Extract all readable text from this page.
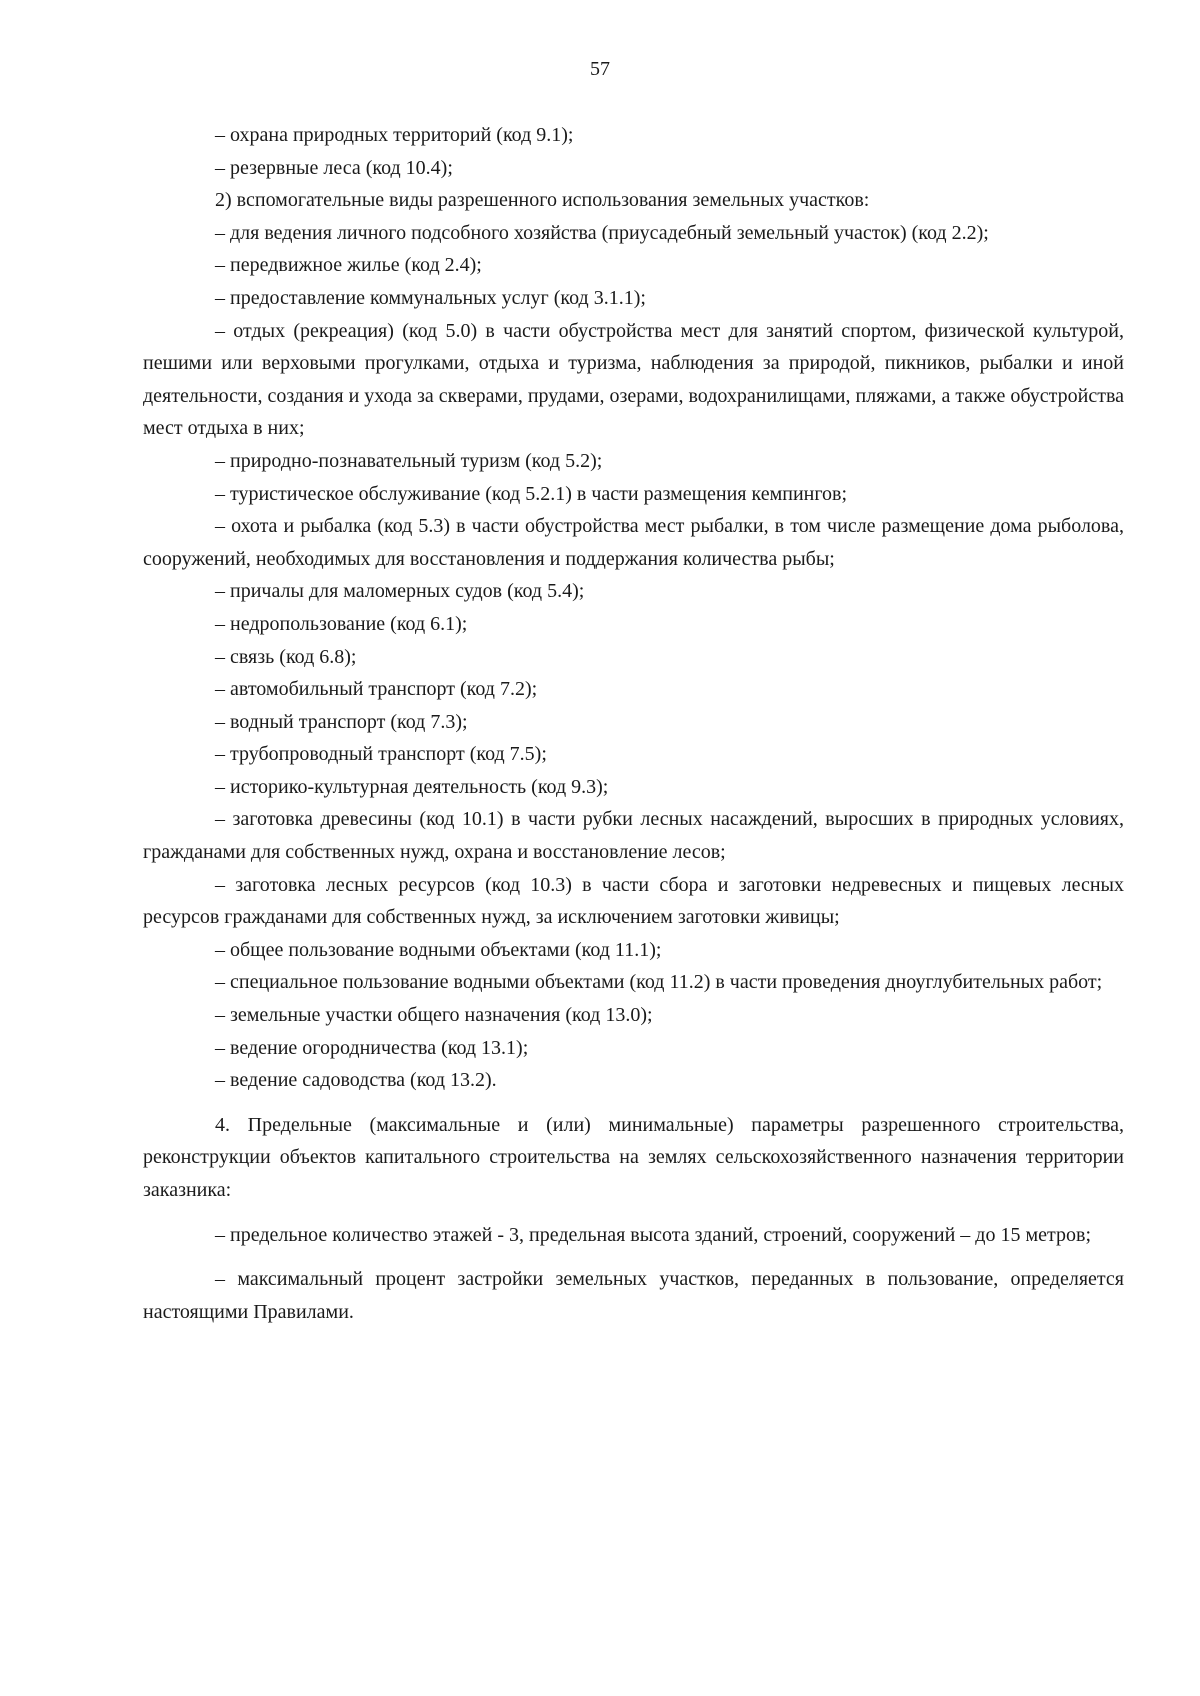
57

– охрана природных территорий (код 9.1);

– резервные леса (код 10.4);

2) вспомогательные виды разрешенного использования земельных участков:

– для ведения личного подсобного хозяйства (приусадебный земельный участок) (код 2.2);

– передвижное жилье (код 2.4);

– предоставление коммунальных услуг (код 3.1.1);

– отдых (рекреация) (код 5.0) в части обустройства мест для занятий спортом, физической культурой, пешими или верховыми прогулками, отдыха и туризма, наблюдения за природой, пикников, рыбалки и иной деятельности, создания и ухода за скверами, прудами, озерами, водохранилищами, пляжами, а также обустройства мест отдыха в них;

– природно-познавательный туризм (код 5.2);

– туристическое обслуживание (код 5.2.1) в части размещения кемпингов;

– охота и рыбалка (код 5.3) в части обустройства мест рыбалки, в том числе размещение дома рыболова, сооружений, необходимых для восстановления и поддержания количества рыбы;

– причалы для маломерных судов (код 5.4);

– недропользование (код 6.1);

– связь (код 6.8);

– автомобильный транспорт (код 7.2);

– водный транспорт (код 7.3);

– трубопроводный транспорт (код 7.5);

– историко-культурная деятельность (код 9.3);

– заготовка древесины (код 10.1) в части рубки лесных насаждений, выросших в природных условиях, гражданами для собственных нужд, охрана и восстановление лесов;

– заготовка лесных ресурсов (код 10.3) в части сбора и заготовки недревесных и пищевых лесных ресурсов гражданами для собственных нужд, за исключением заготовки живицы;

– общее пользование водными объектами (код 11.1);

– специальное пользование водными объектами (код 11.2) в части проведения дноуглубительных работ;

– земельные участки общего назначения (код 13.0);

– ведение огородничества (код 13.1);

– ведение садоводства (код 13.2).

4. Предельные (максимальные и (или) минимальные) параметры разрешенного строительства, реконструкции объектов капитального строительства на землях сельскохозяйственного назначения территории заказника:

– предельное количество этажей - 3, предельная высота зданий, строений, сооружений – до 15 метров;

– максимальный процент застройки земельных участков, переданных в пользование, определяется настоящими Правилами.
